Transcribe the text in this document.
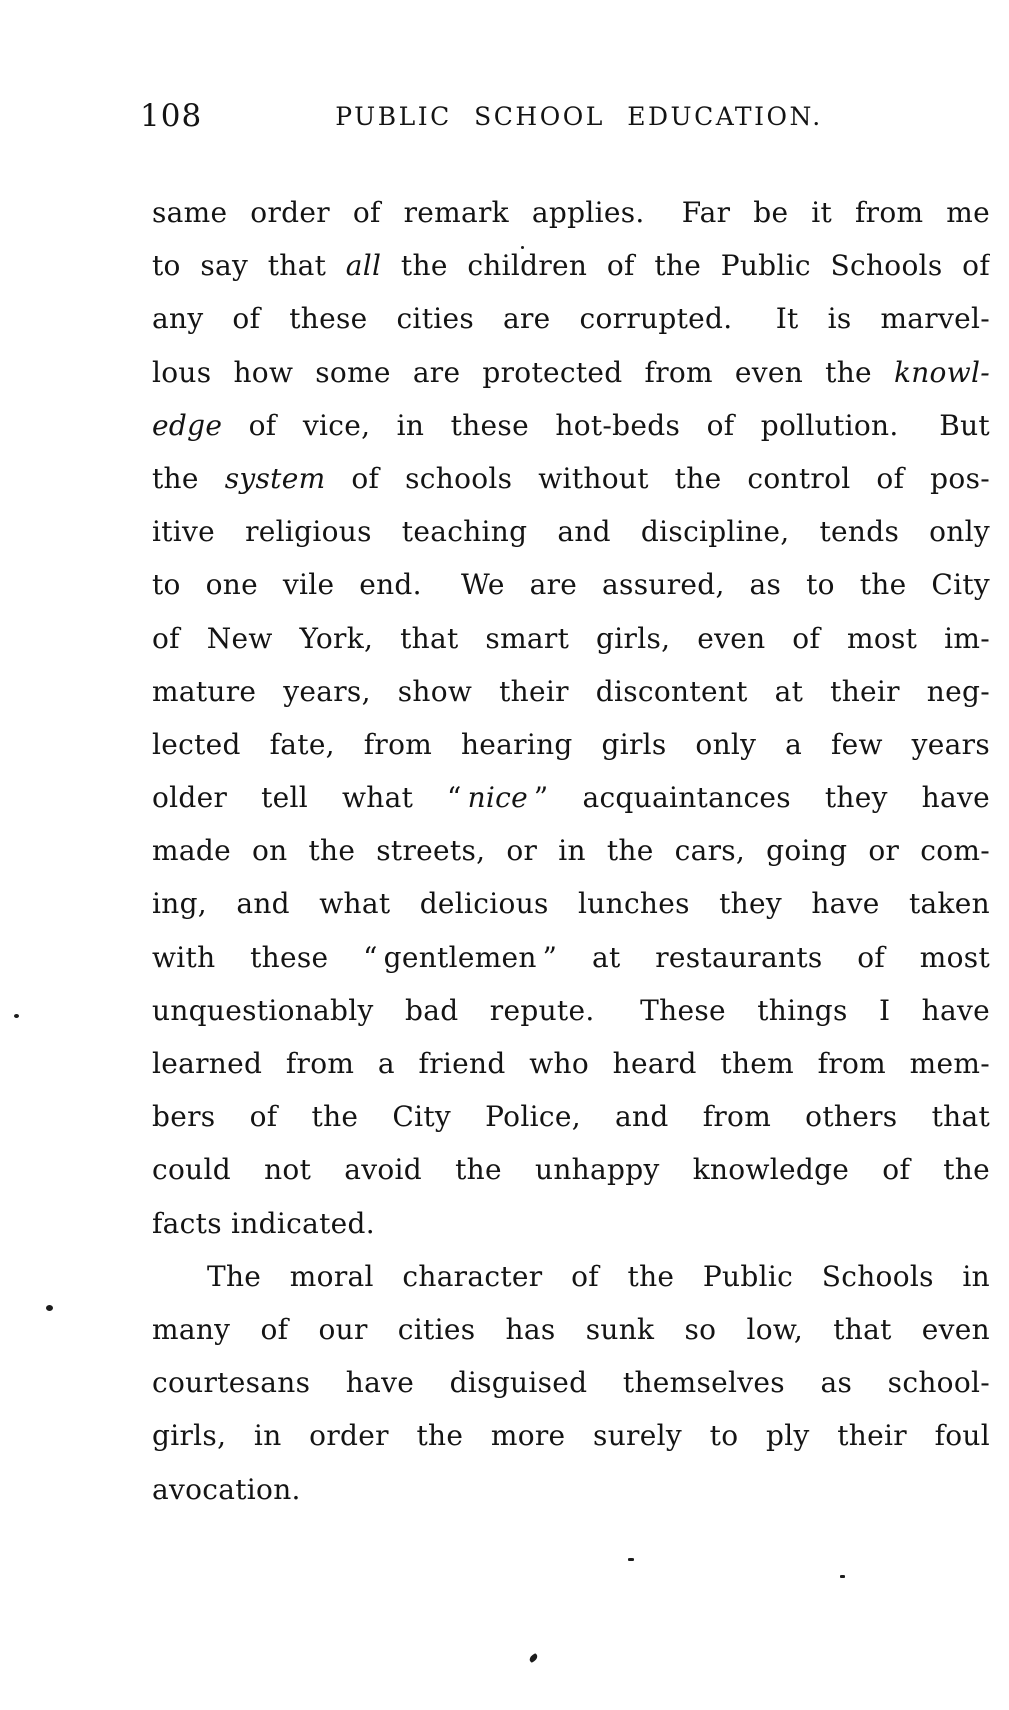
108	PUBLIC SCHOOL EDUCATION.
same order of remark applies.  Far be it from me
to say that all the children of the Public Schools of
any of these cities are corrupted.  It is marvel-
lous how some are protected from even the knowl-
edge of vice, in these hot-beds of pollution.  But
the system of schools without the control of pos-
itive religious teaching and discipline, tends only
to one vile end.  We are assured, as to the City
of New York, that smart girls, even of most im-
mature years, show their discontent at their neg-
lected fate, from hearing girls only a few years
older tell what “ nice ” acquaintances they have
made on the streets, or in the cars, going or com-
ing, and what delicious lunches they have taken
with these “ gentlemen ” at restaurants of most
unquestionably bad repute.  These things I have
learned from a friend who heard them from mem-
bers of the City Police, and from others that
could not avoid the unhappy knowledge of the
facts indicated.
The moral character of the Public Schools in
many of our cities has sunk so low, that even
courtesans have disguised themselves as school-
girls, in order the more surely to ply their foul
avocation.
